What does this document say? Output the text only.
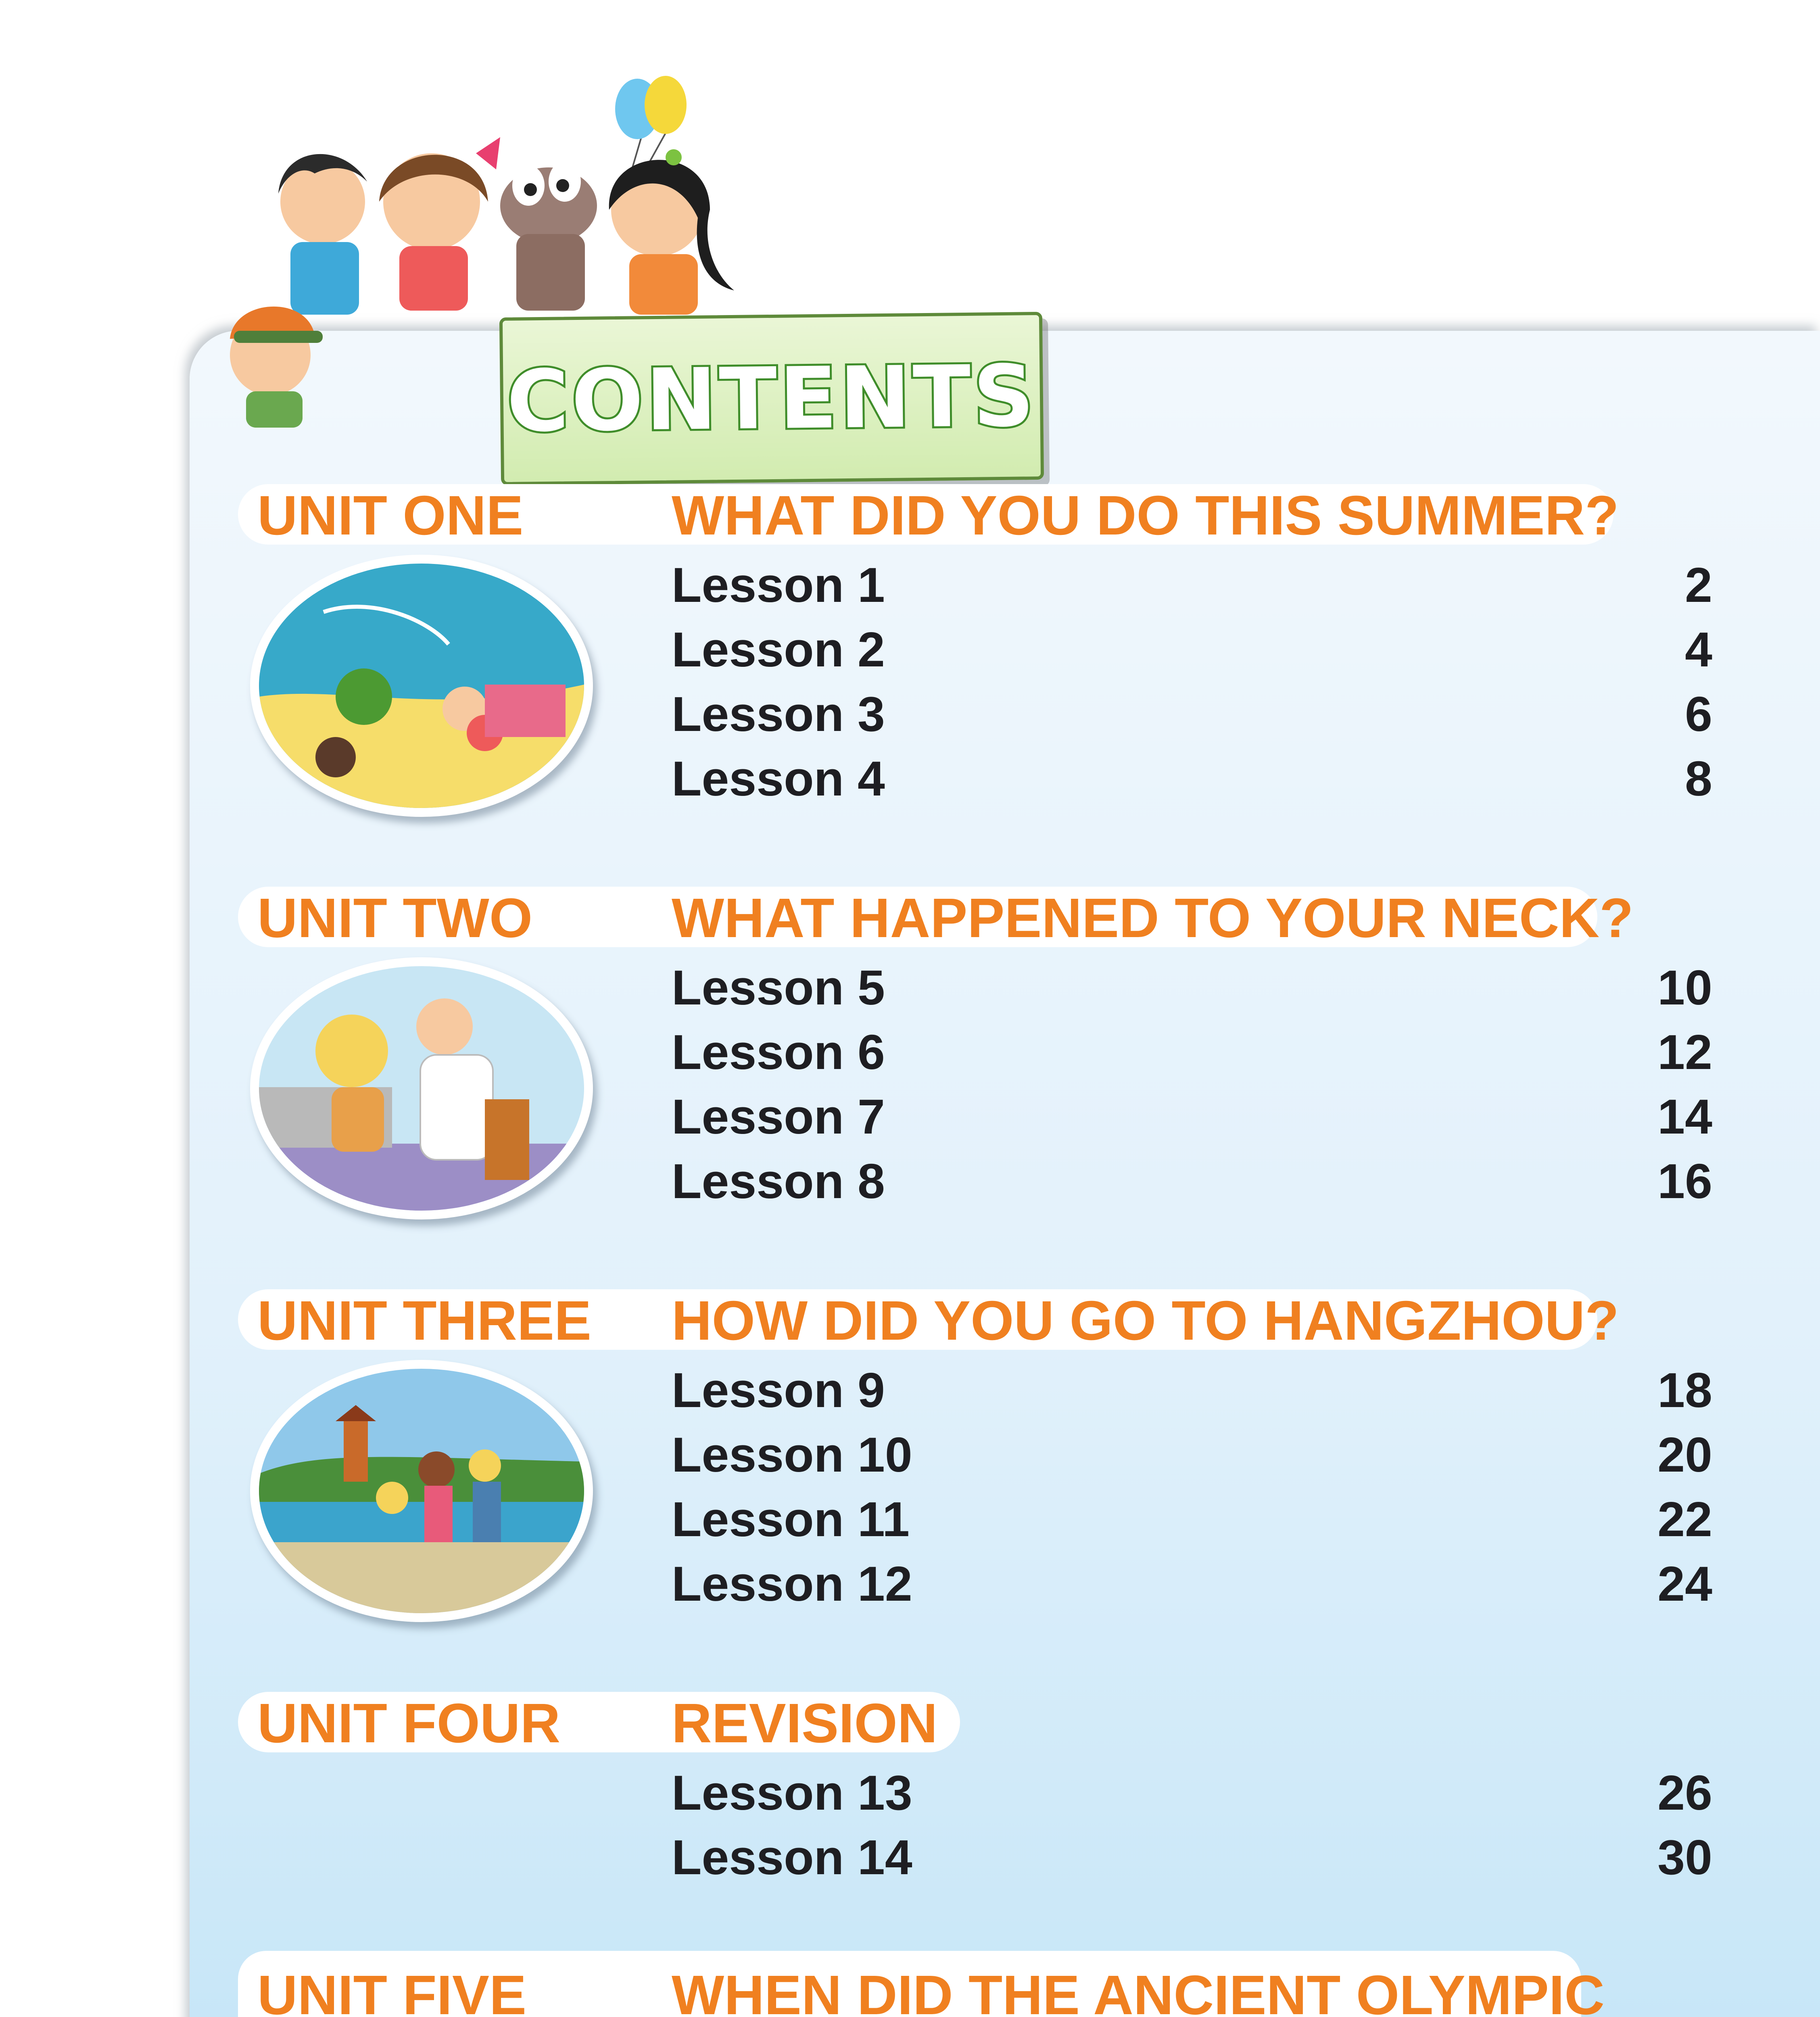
CONTENTS
UNIT ONE	WHAT DID YOU DO THIS SUMMER?
Lesson 1	2
Lesson 2	4
Lesson 3	6
Lesson 4	8
UNIT TWO WHAT HAPPENED TO YOUR NECK?
Lesson 5	10
Lesson 6	12
Lesson 7	14
Lesson 8	16
UNIT THREE HOW DID YOU GO TO HANGZHOU?
Lesson 9	18
Lesson 10	20
Lesson 11	22
Lesson 12	24
UNIT FOUR REVISION
Lesson 13	26
Lesson 14	30
UNIT FIVE	WHEN DID THE ANCIENT OLYMPIC
